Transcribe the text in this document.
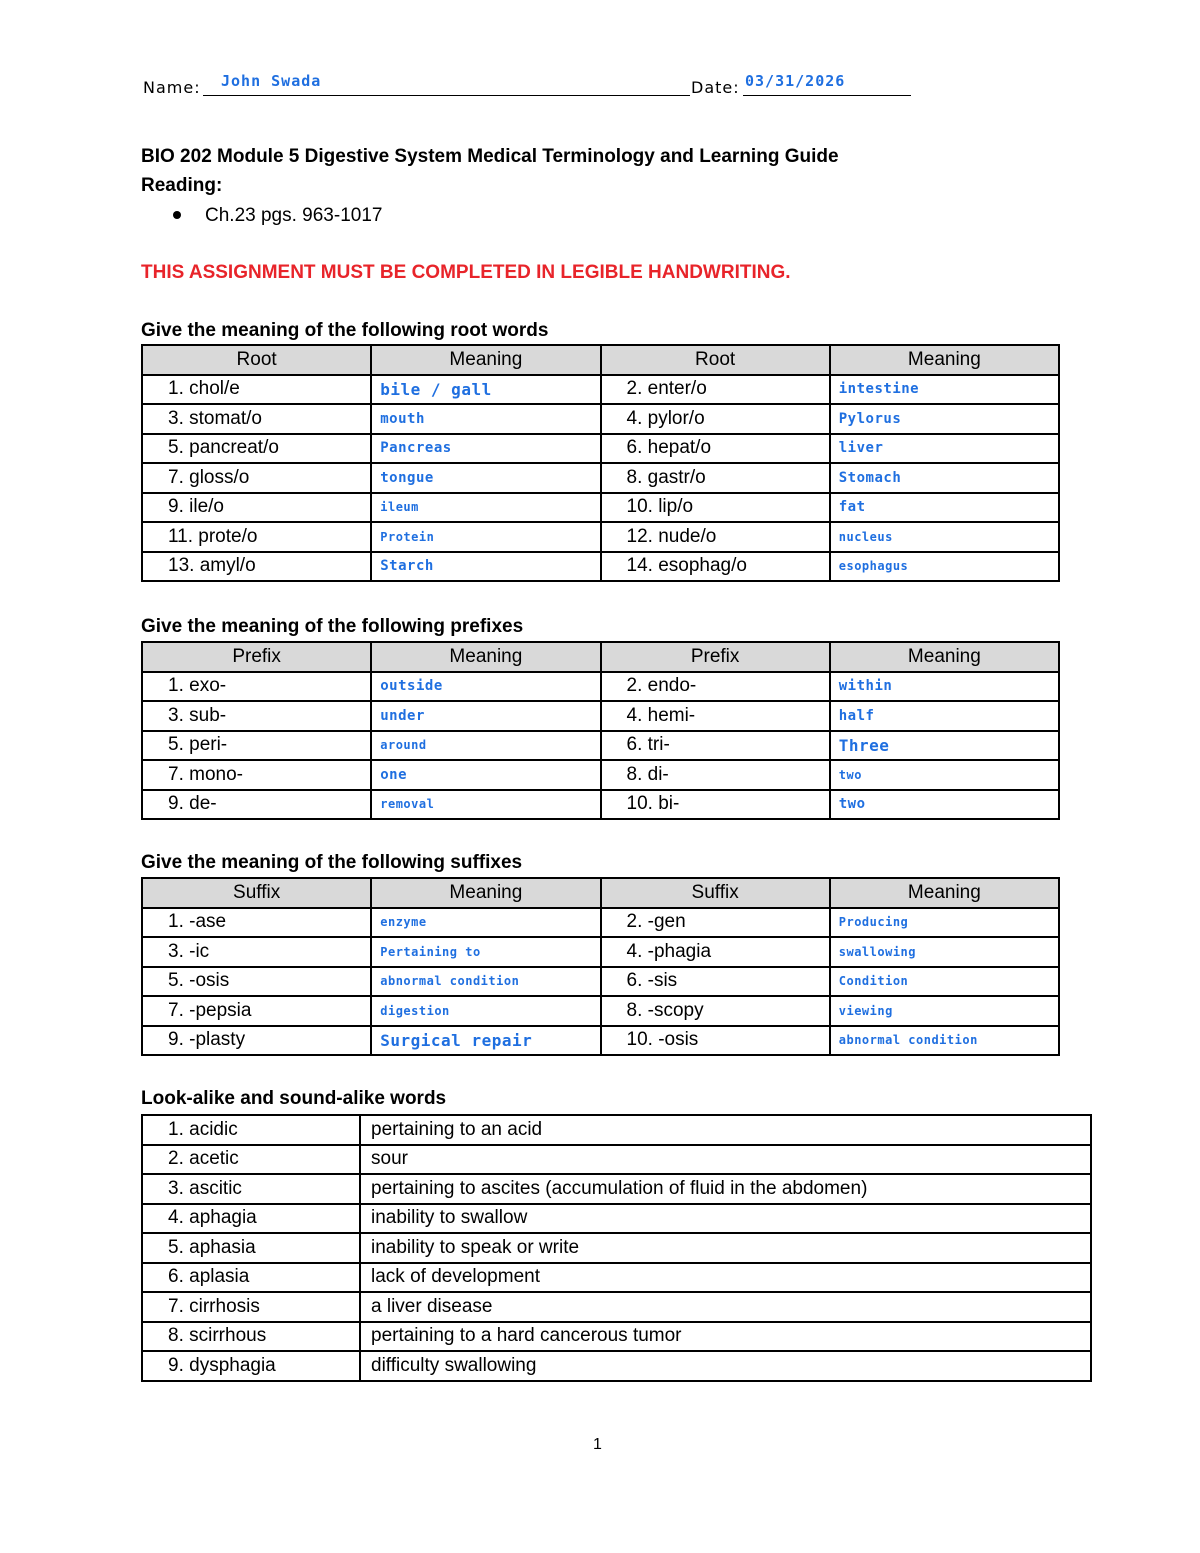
Name: John Swada	Date: 03/31/2026
BIO 202 Module 5 Digestive System Medical Terminology and Learning Guide
Reading:
Ch.23 pgs. 963-1017
THIS ASSIGNMENT MUST BE COMPLETED IN LEGIBLE HANDWRITING.
Give the meaning of the following root words
Root	Meaning	Root	Meaning
1. chol/e	bile / gall	2. enter/o	intestine
3. stomat/o	mouth	4. pylor/o	Pylorus
5. pancreat/o	Pancreas	6. hepat/o	liver
7. gloss/o	tongue	8. gastr/o	Stomach
9. ile/o	ileum	10. lip/o	fat
11. prote/o	Protein	12. nude/o	nucleus
13. amyl/o	Starch	14. esophag/o	esophagus
Give the meaning of the following prefixes
Prefix	Meaning	Prefix	Meaning
1. exo-	outside	2. endo-	within
3. sub-	under	4. hemi-	half
5. peri-	around	6. tri-	Three
7. mono-	one	8. di-	two
9. de-	removal	10. bi-	two
Give the meaning of the following suffixes
Suffix	Meaning	Suffix	Meaning
1. -ase	enzyme	2. -gen	Producing
3. -ic	Pertaining to	4. -phagia	swallowing
5. -osis	abnormal condition	6. -sis	Condition
7. -pepsia	digestion	8. -scopy	viewing
9. -plasty	Surgical repair	10. -osis	abnormal condition
Look-alike and sound-alike words
1. acidic	pertaining to an acid
2. acetic	sour
3. ascitic	pertaining to ascites (accumulation of fluid in the abdomen)
4. aphagia	inability to swallow
5. aphasia	inability to speak or write
6. aplasia	lack of development
7. cirrhosis	a liver disease
8. scirrhous	pertaining to a hard cancerous tumor
9. dysphagia	difficulty swallowing
1
